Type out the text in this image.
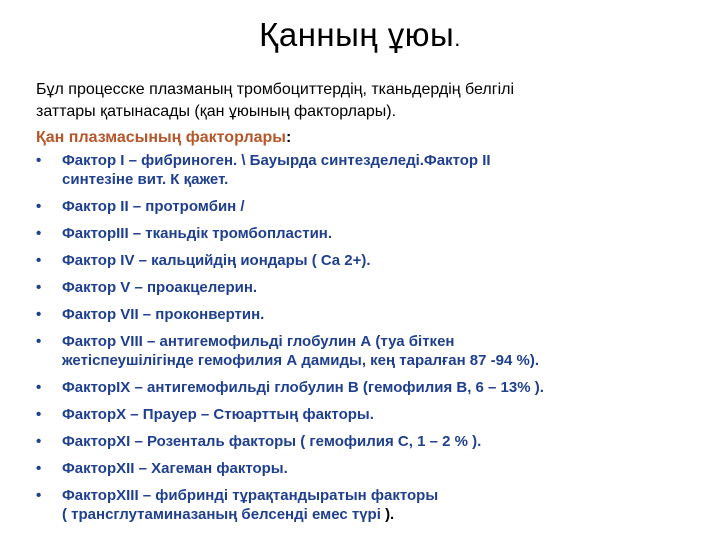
Қанның ұюы.
Бұл процесске плазманың тромбоциттердің, тканьдердің белгілі
заттары қатынасады (қан ұюының факторлары).
Қан плазмасының факторлары:
• Фактор I – фибриноген. \ Бауырда синтезделеді.Фактор II
синтезіне вит. К қажет.
• Фактор II – протромбин /
• ФакторIII – тканьдік тромбопластин.
• Фактор IV – кальцийдің иондары ( Ca 2+).
• Фактор V – проакцелерин.
• Фактор VII – проконвертин.
• Фактор VIII – антигемофильді глобулин А (туа біткен
жетіспеушілігінде гемофилия А дамиды, кең таралған 87 -94 %).
• ФакторIX – антигемофильді глобулин В (гемофилия В, 6 – 13% ).
• ФакторX – Прауер – Стюарттың факторы.
• ФакторXI – Розенталь факторы ( гемофилия С, 1 – 2 % ).
• ФакторXII – Хагеман факторы.
• ФакторXIII – фибринді тұрақтандыратын факторы
( трансглутаминазаның белсенді емес түрі ).
